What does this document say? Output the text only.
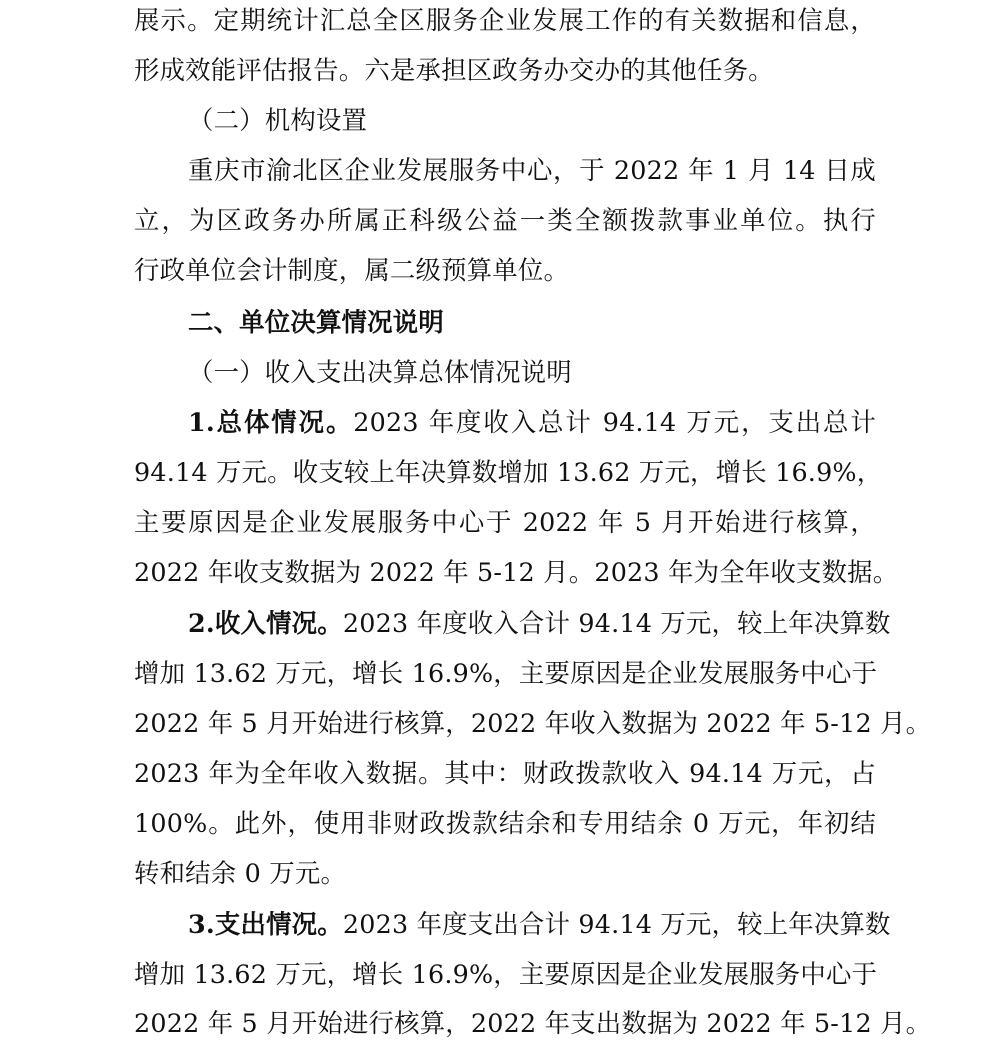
展示。定期统计汇总全区服务企业发展工作的有关数据和信息，
形成效能评估报告。六是承担区政务办交办的其他任务。
（二）机构设置
重庆市渝北区企业发展服务中心，于 2022 年 1 月 14 日成
立，为区政务办所属正科级公益一类全额拨款事业单位。执行
行政单位会计制度，属二级预算单位。
二、单位决算情况说明
（一）收入支出决算总体情况说明
1.总体情况。2023 年度收入总计 94.14 万元，支出总计
94.14 万元。收支较上年决算数增加 13.62 万元，增长 16.9%，
主要原因是企业发展服务中心于 2022 年 5 月开始进行核算，
2022 年收支数据为 2022 年 5-12 月。2023 年为全年收支数据。
2.收入情况。2023 年度收入合计 94.14 万元，较上年决算数
增加 13.62 万元，增长 16.9%，主要原因是企业发展服务中心于
2022 年 5 月开始进行核算，2022 年收入数据为 2022 年 5-12 月。
2023 年为全年收入数据。其中：财政拨款收入 94.14 万元，占
100%。此外，使用非财政拨款结余和专用结余 0 万元，年初结
转和结余 0 万元。
3.支出情况。2023 年度支出合计 94.14 万元，较上年决算数
增加 13.62 万元，增长 16.9%，主要原因是企业发展服务中心于
2022 年 5 月开始进行核算，2022 年支出数据为 2022 年 5-12 月。
